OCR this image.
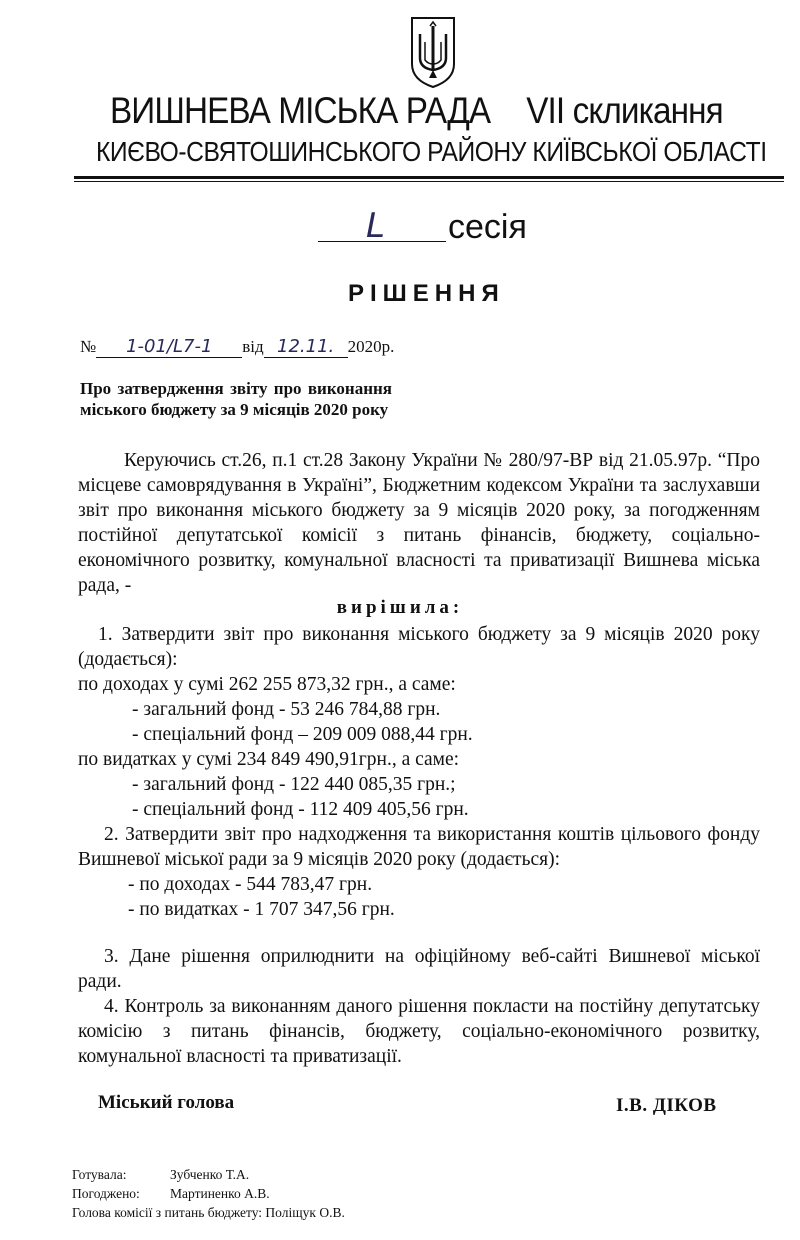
ВИШНЕВА МІСЬКА РАДА VII скликання
КИЄВО-СВЯТОШИНСЬКОГО РАЙОНУ КИЇВСЬКОЇ ОБЛАСТІ
L сесія
РІШЕННЯ
№ 1-01/L7-1 від 12.11. 2020р.
Про затвердження звіту про виконання міського бюджету за 9 місяців 2020 року
Керуючись ст.26, п.1 ст.28 Закону України № 280/97-ВР від 21.05.97р. “Про місцеве самоврядування в Україні”, Бюджетним кодексом України та заслухавши звіт про виконання міського бюджету за 9 місяців 2020 року, за погодженням постійної депутатської комісії з питань фінансів, бюджету, соціально-економічного розвитку, комунальної власності та приватизації Вишнева міська рада, -
вирішила:
1. Затвердити звіт про виконання міського бюджету за 9 місяців 2020 року (додається):
по доходах у сумі 262 255 873,32 грн., а саме:
- загальний фонд - 53 246 784,88 грн.
- спеціальний фонд – 209 009 088,44 грн.
по видатках у сумі 234 849 490,91грн., а саме:
- загальний фонд - 122 440 085,35 грн.;
- спеціальний фонд - 112 409 405,56 грн.
2. Затвердити звіт про надходження та використання коштів цільового фонду Вишневої міської ради за 9 місяців 2020 року (додається):
- по доходах - 544 783,47 грн.
- по видатках - 1 707 347,56 грн.
3. Дане рішення оприлюднити на офіційному веб-сайті Вишневої міської ради.
4. Контроль за виконанням даного рішення покласти на постійну депутатську комісію з питань фінансів, бюджету, соціально-економічного розвитку, комунальної власності та приватизації.
Міський голова	І.В. ДІКОВ
Готувала:	Зубченко Т.А.
Погоджено: Мартиненко А.В.
Голова комісії з питань бюджету: Поліщук О.В.
